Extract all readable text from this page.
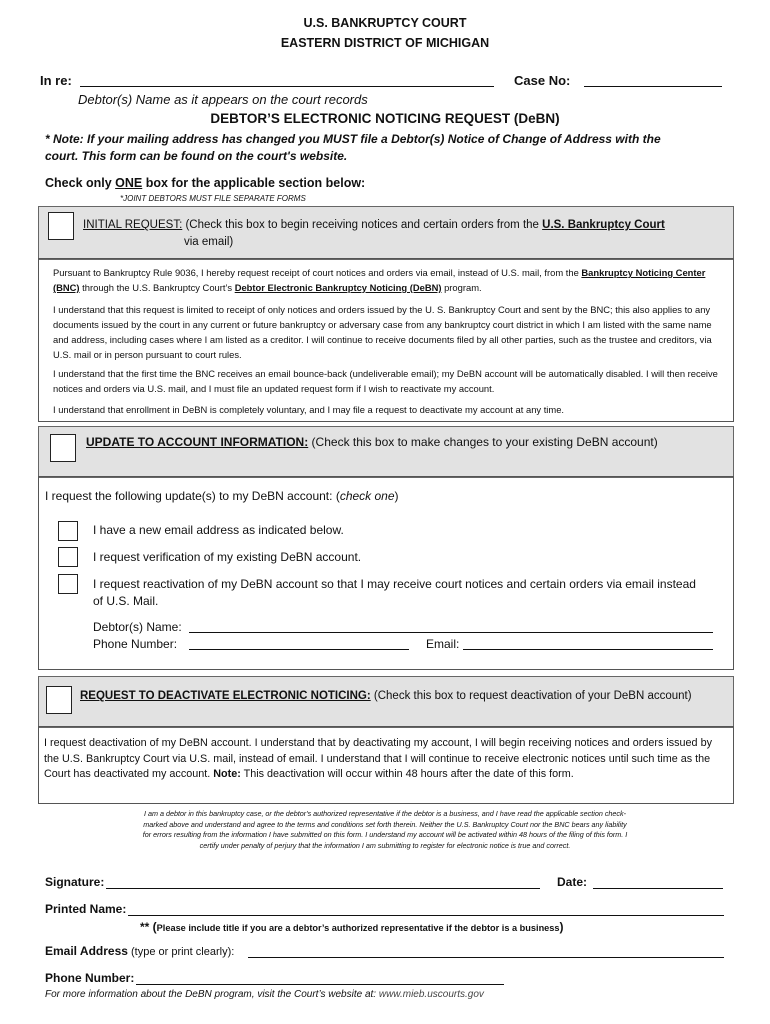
U.S. BANKRUPTCY COURT
EASTERN DISTRICT OF MICHIGAN
In re:	Case No:
Debtor(s) Name as it appears on the court records
DEBTOR’S ELECTRONIC NOTICING REQUEST (DeBN)
* Note: If your mailing address has changed you MUST file a Debtor(s) Notice of Change of Address with the court. This form can be found on the court's website.
Check only ONE box for the applicable section below:
*JOINT DEBTORS MUST FILE SEPARATE FORMS
INITIAL REQUEST: (Check this box to begin receiving notices and certain orders from the U.S. Bankruptcy Court
via email)
Pursuant to Bankruptcy Rule 9036, I hereby request receipt of court notices and orders via email, instead of U.S. mail, from the Bankruptcy Noticing Center (BNC) through the U.S. Bankruptcy Court’s Debtor Electronic Bankruptcy Noticing (DeBN) program.
I understand that this request is limited to receipt of only notices and orders issued by the U. S. Bankruptcy Court and sent by the BNC; this also applies to any documents issued by the court in any current or future bankruptcy or adversary case from any bankruptcy court district in which I am listed with the same name and address, including cases where I am listed as a creditor. I will continue to receive documents filed by all other parties, such as the trustee and creditors, via U.S. mail or in person pursuant to court rules.
I understand that the first time the BNC receives an email bounce-back (undeliverable email); my DeBN account will be automatically disabled. I will then receive notices and orders via U.S. mail, and I must file an updated request form if I wish to reactivate my account.
I understand that enrollment in DeBN is completely voluntary, and I may file a request to deactivate my account at any time.
UPDATE TO ACCOUNT INFORMATION: (Check this box to make changes to your existing DeBN account)
I request the following update(s) to my DeBN account: (check one)
I have a new email address as indicated below.
I request verification of my existing DeBN account.
I request reactivation of my DeBN account so that I may receive court notices and certain orders via email instead of U.S. Mail.
Debtor(s) Name:
Phone Number:	Email:
REQUEST TO DEACTIVATE ELECTRONIC NOTICING: (Check this box to request deactivation of your DeBN account)
I request deactivation of my DeBN account. I understand that by deactivating my account, I will begin receiving notices and orders issued by the U.S. Bankruptcy Court via U.S. mail, instead of email. I understand that I will continue to receive electronic notices until such time as the Court has deactivated my account. Note: This deactivation will occur within 48 hours after the date of this form.
I am a debtor in this bankruptcy case, or the debtor's authorized representative if the debtor is a business, and I have read the applicable section check-marked above and understand and agree to the terms and conditions set forth therein. Neither the U.S. Bankruptcy Court nor the BNC bears any liability for errors resulting from the information I have submitted on this form. I understand my account will be activated within 48 hours of the filing of this form. I certify under penalty of perjury that the information I am submitting to register for electronic notice is true and correct.
Signature:	Date:
Printed Name:
** (Please include title if you are a debtor’s authorized representative if the debtor is a business)
Email Address (type or print clearly):
Phone Number:
For more information about the DeBN program, visit the Court’s website at: www.mieb.uscourts.gov
